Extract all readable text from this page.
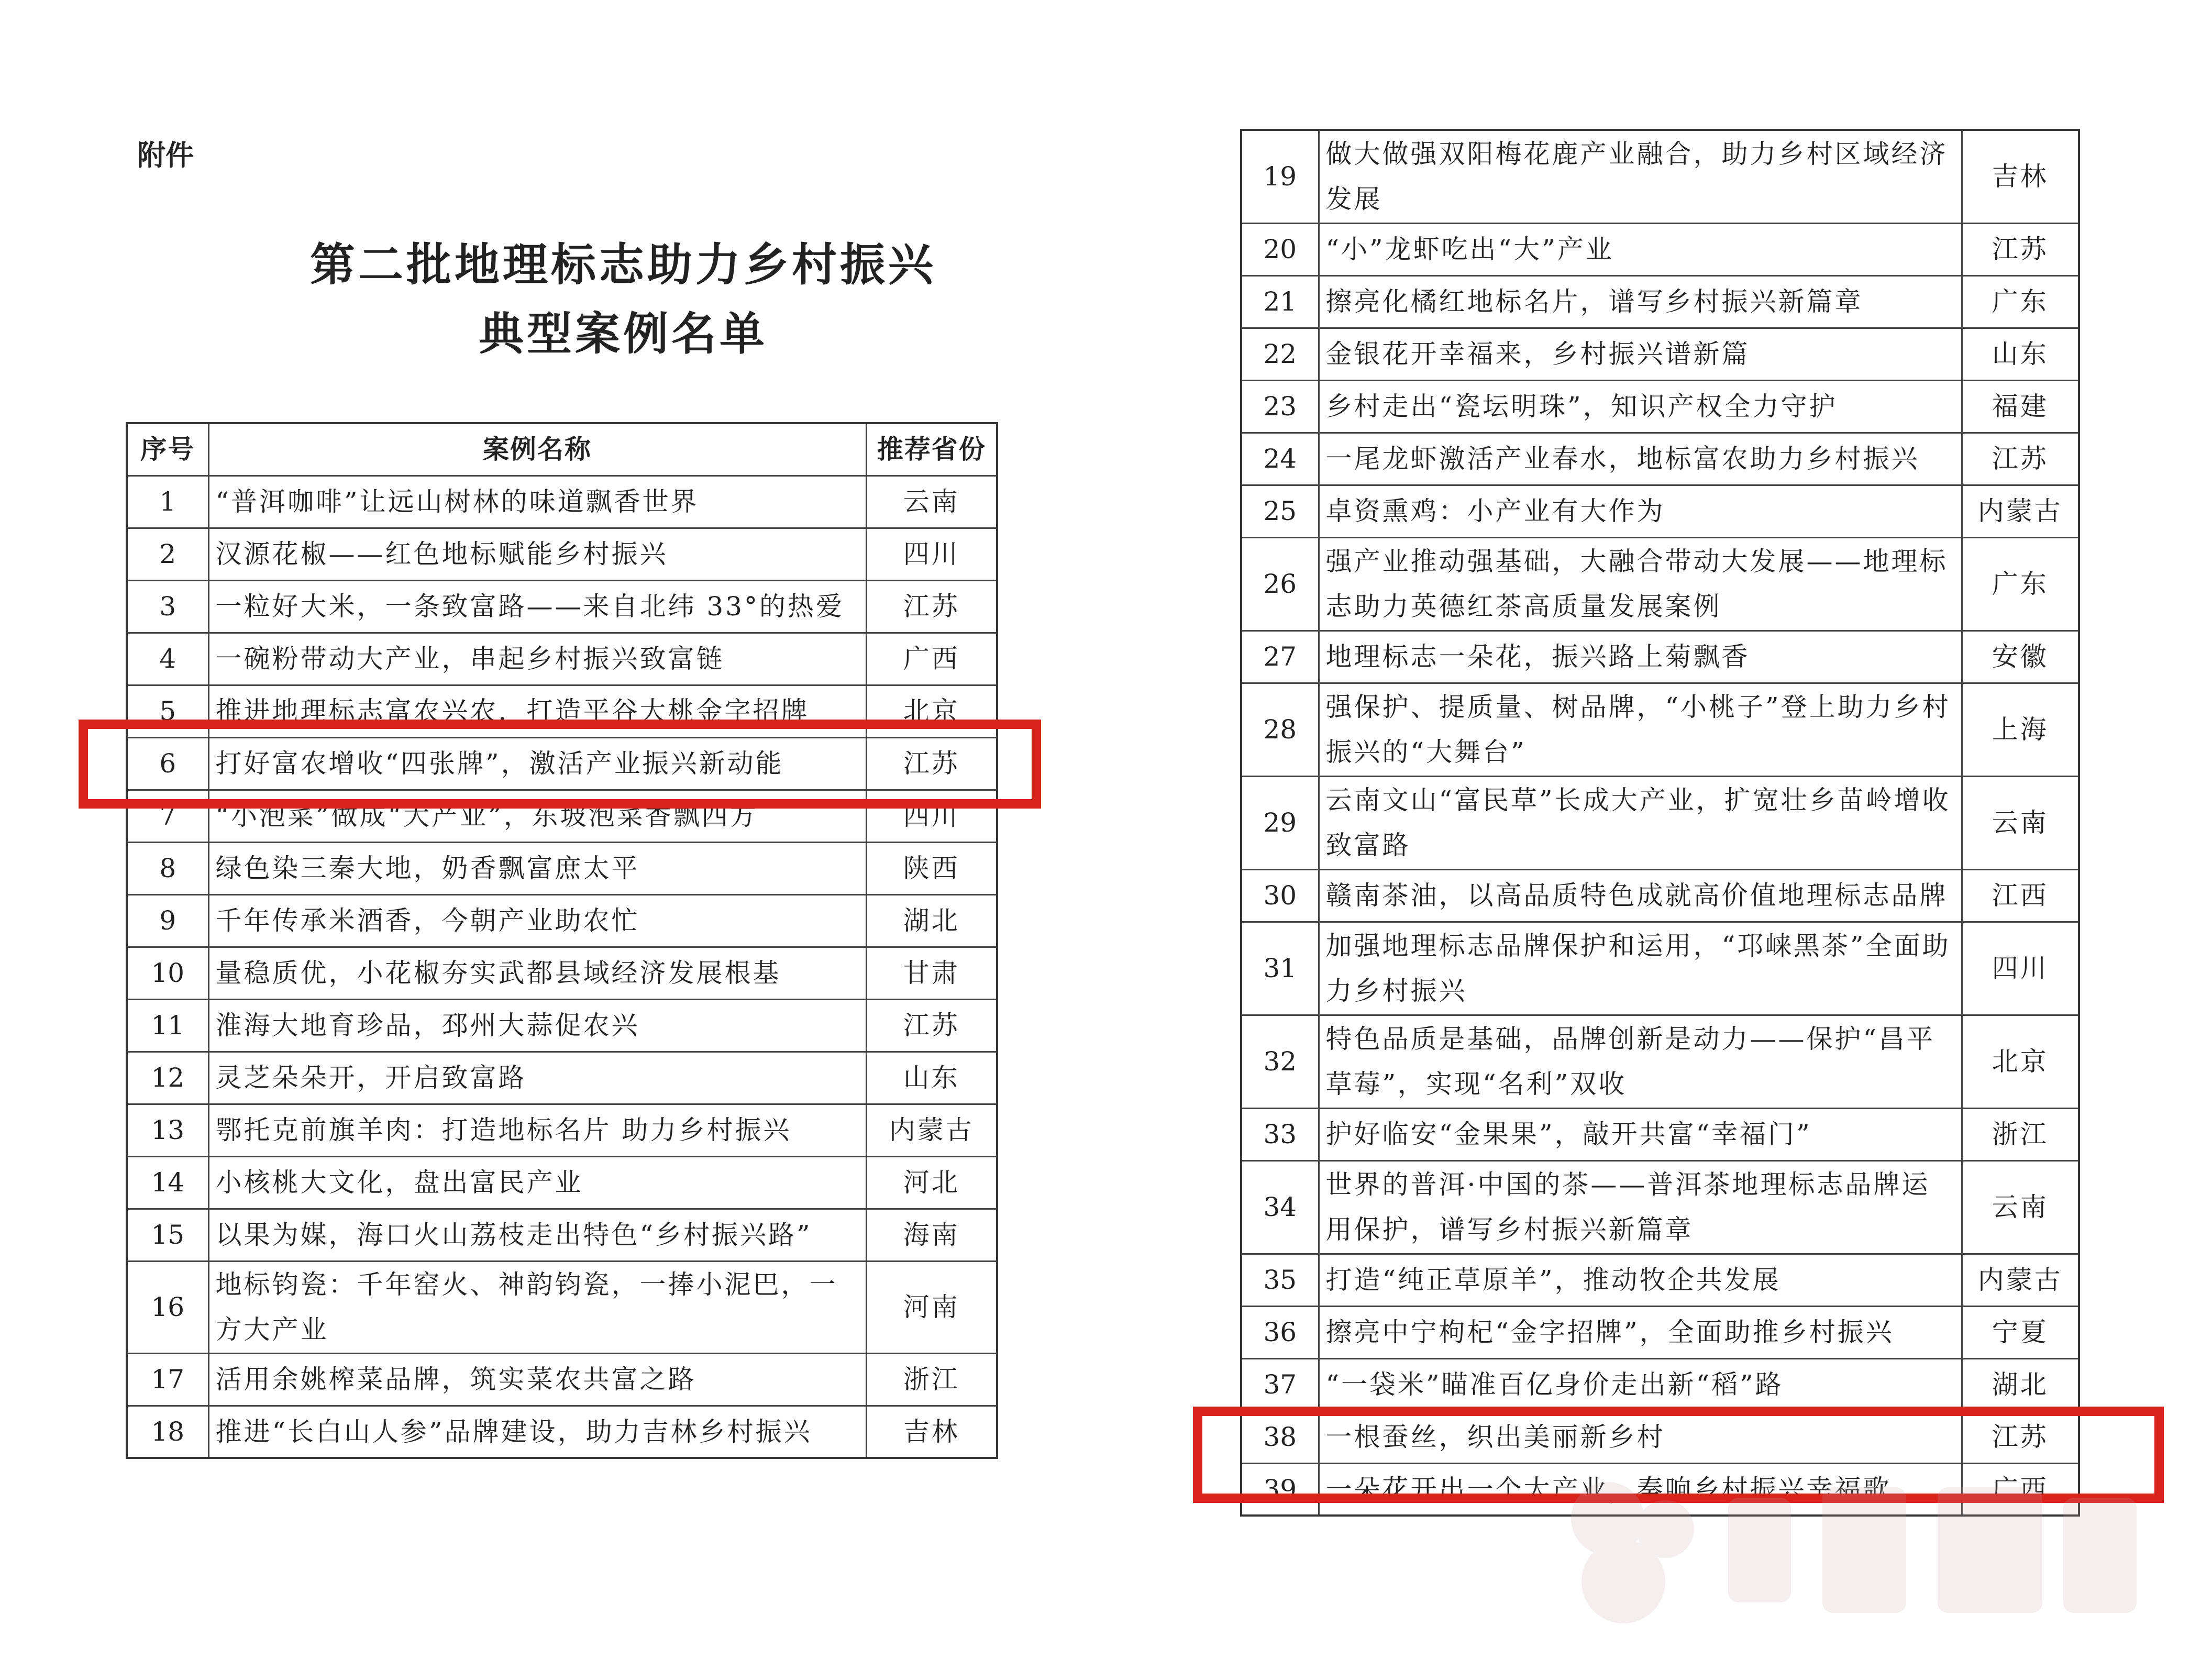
附件
第二批地理标志助力乡村振兴
典型案例名单
序号	案例名称	推荐省份
1	“普洱咖啡”让远山树林的味道飘香世界	云南
2	汉源花椒——红色地标赋能乡村振兴	四川
3	一粒好大米，一条致富路——来自北纬 33°的热爱	江苏
4	一碗粉带动大产业，串起乡村振兴致富链	广西
5	推进地理标志富农兴农，打造平谷大桃金字招牌	北京
6	打好富农增收“四张牌”，激活产业振兴新动能	江苏
7	“小泡菜”做成“大产业”，东坡泡菜香飘四方	四川
8	绿色染三秦大地，奶香飘富庶太平	陕西
9	千年传承米酒香，今朝产业助农忙	湖北
10	量稳质优，小花椒夯实武都县域经济发展根基	甘肃
11	淮海大地育珍品，邳州大蒜促农兴	江苏
12	灵芝朵朵开，开启致富路	山东
13	鄂托克前旗羊肉：打造地标名片 助力乡村振兴	内蒙古
14	小核桃大文化，盘出富民产业	河北
15	以果为媒，海口火山荔枝走出特色“乡村振兴路”	海南
16	地标钧瓷：千年窑火、神韵钧瓷，一捧小泥巴，一方大产业	河南
17	活用余姚榨菜品牌，筑实菜农共富之路	浙江
18	推进“长白山人参”品牌建设，助力吉林乡村振兴	吉林
19	做大做强双阳梅花鹿产业融合，助力乡村区域经济发展	吉林
20	“小”龙虾吃出“大”产业	江苏
21	擦亮化橘红地标名片，谱写乡村振兴新篇章	广东
22	金银花开幸福来，乡村振兴谱新篇	山东
23	乡村走出“瓷坛明珠”，知识产权全力守护	福建
24	一尾龙虾激活产业春水，地标富农助力乡村振兴	江苏
25	卓资熏鸡：小产业有大作为	内蒙古
26	强产业推动强基础，大融合带动大发展——地理标志助力英德红茶高质量发展案例	广东
27	地理标志一朵花，振兴路上菊飘香	安徽
28	强保护、提质量、树品牌，“小桃子”登上助力乡村振兴的“大舞台”	上海
29	云南文山“富民草”长成大产业，扩宽壮乡苗岭增收致富路	云南
30	赣南茶油，以高品质特色成就高价值地理标志品牌	江西
31	加强地理标志品牌保护和运用，“邛崃黑茶”全面助力乡村振兴	四川
32	特色品质是基础，品牌创新是动力——保护“昌平草莓”，实现“名利”双收	北京
33	护好临安“金果果”，敲开共富“幸福门”	浙江
34	世界的普洱·中国的茶——普洱茶地理标志品牌运用保护，谱写乡村振兴新篇章	云南
35	打造“纯正草原羊”，推动牧企共发展	内蒙古
36	擦亮中宁枸杞“金字招牌”，全面助推乡村振兴	宁夏
37	“一袋米”瞄准百亿身价走出新“稻”路	湖北
38	一根蚕丝，织出美丽新乡村	江苏
39	一朵花开出一个大产业，奏响乡村振兴幸福歌	广西
